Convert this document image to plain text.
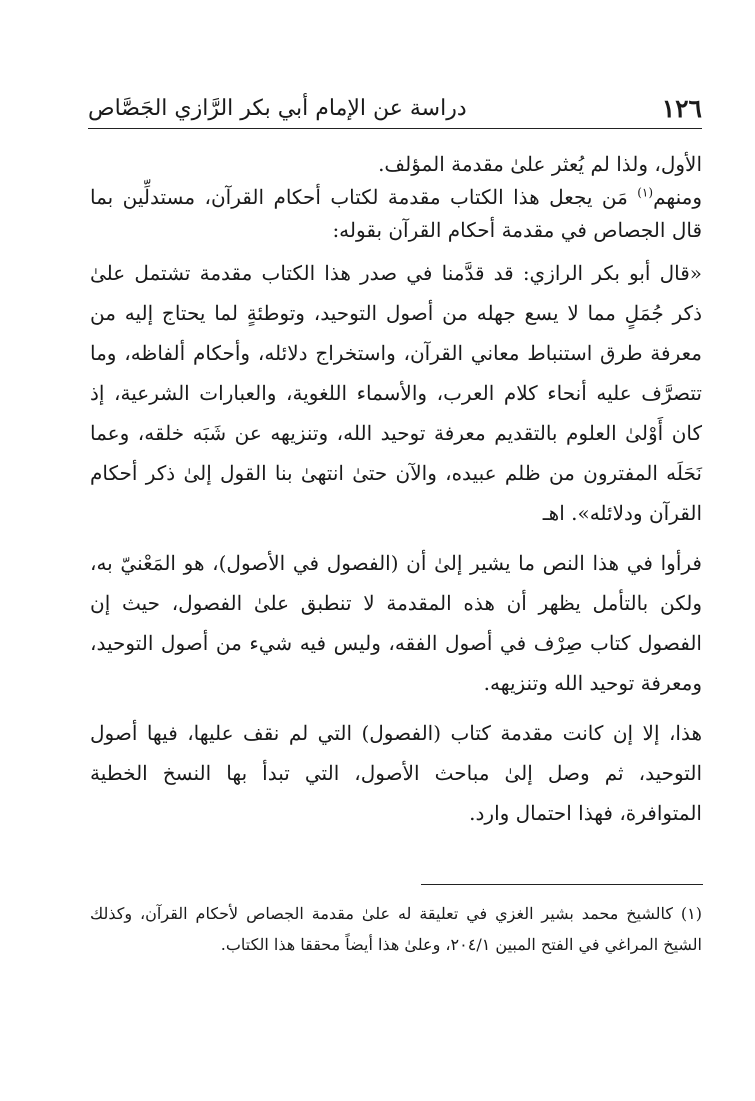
١٢٦
دراسة عن الإمام أبي بكر الرَّازي الجَصَّاص

الأول، ولذا لم يُعثر علىٰ مقدمة المؤلف.

ومنهم$^{(١)}$ مَن يجعل هذا الكتاب مقدمة لكتاب أحكام القرآن، مستدلِّين بما قال الجصاص في مقدمة أحكام القرآن بقوله:

«قال أبو بكر الرازي: قد قدَّمنا في صدر هذا الكتاب مقدمة تشتمل علىٰ ذكر جُمَلٍ مما لا يسع جهله من أصول التوحيد، وتوطئةٍ لما يحتاج إليه من معرفة طرق استنباط معاني القرآن، واستخراج دلائله، وأحكام ألفاظه، وما تتصرَّف عليه أنحاء كلام العرب، والأسماء اللغوية، والعبارات الشرعية، إذ كان أَوْلىٰ العلوم بالتقديم معرفة توحيد الله، وتنزيهه عن شَبَه خلقه، وعما نَحَلَه المفترون من ظلم عبيده، والآن حتىٰ انتهىٰ بنا القول إلىٰ ذكر أحكام القرآن ودلائله». اهـ

فرأوا في هذا النص ما يشير إلىٰ أن (الفصول في الأصول)، هو المَعْنيّ به، ولكن بالتأمل يظهر أن هذه المقدمة لا تنطبق علىٰ الفصول، حيث إن الفصول كتاب صِرْف في أصول الفقه، وليس فيه شيء من أصول التوحيد، ومعرفة توحيد الله وتنزيهه.

هذا، إلا إن كانت مقدمة كتاب (الفصول) التي لم نقف عليها، فيها أصول التوحيد، ثم وصل إلىٰ مباحث الأصول، التي تبدأ بها النسخ الخطية المتوافرة، فهذا احتمال وارد.

(١) كالشيخ محمد بشير الغزي في تعليقة له علىٰ مقدمة الجصاص لأحكام القرآن، وكذلك الشيخ المراغي في الفتح المبين ٢٠٤/١، وعلىٰ هذا أيضاً محققا هذا الكتاب.
